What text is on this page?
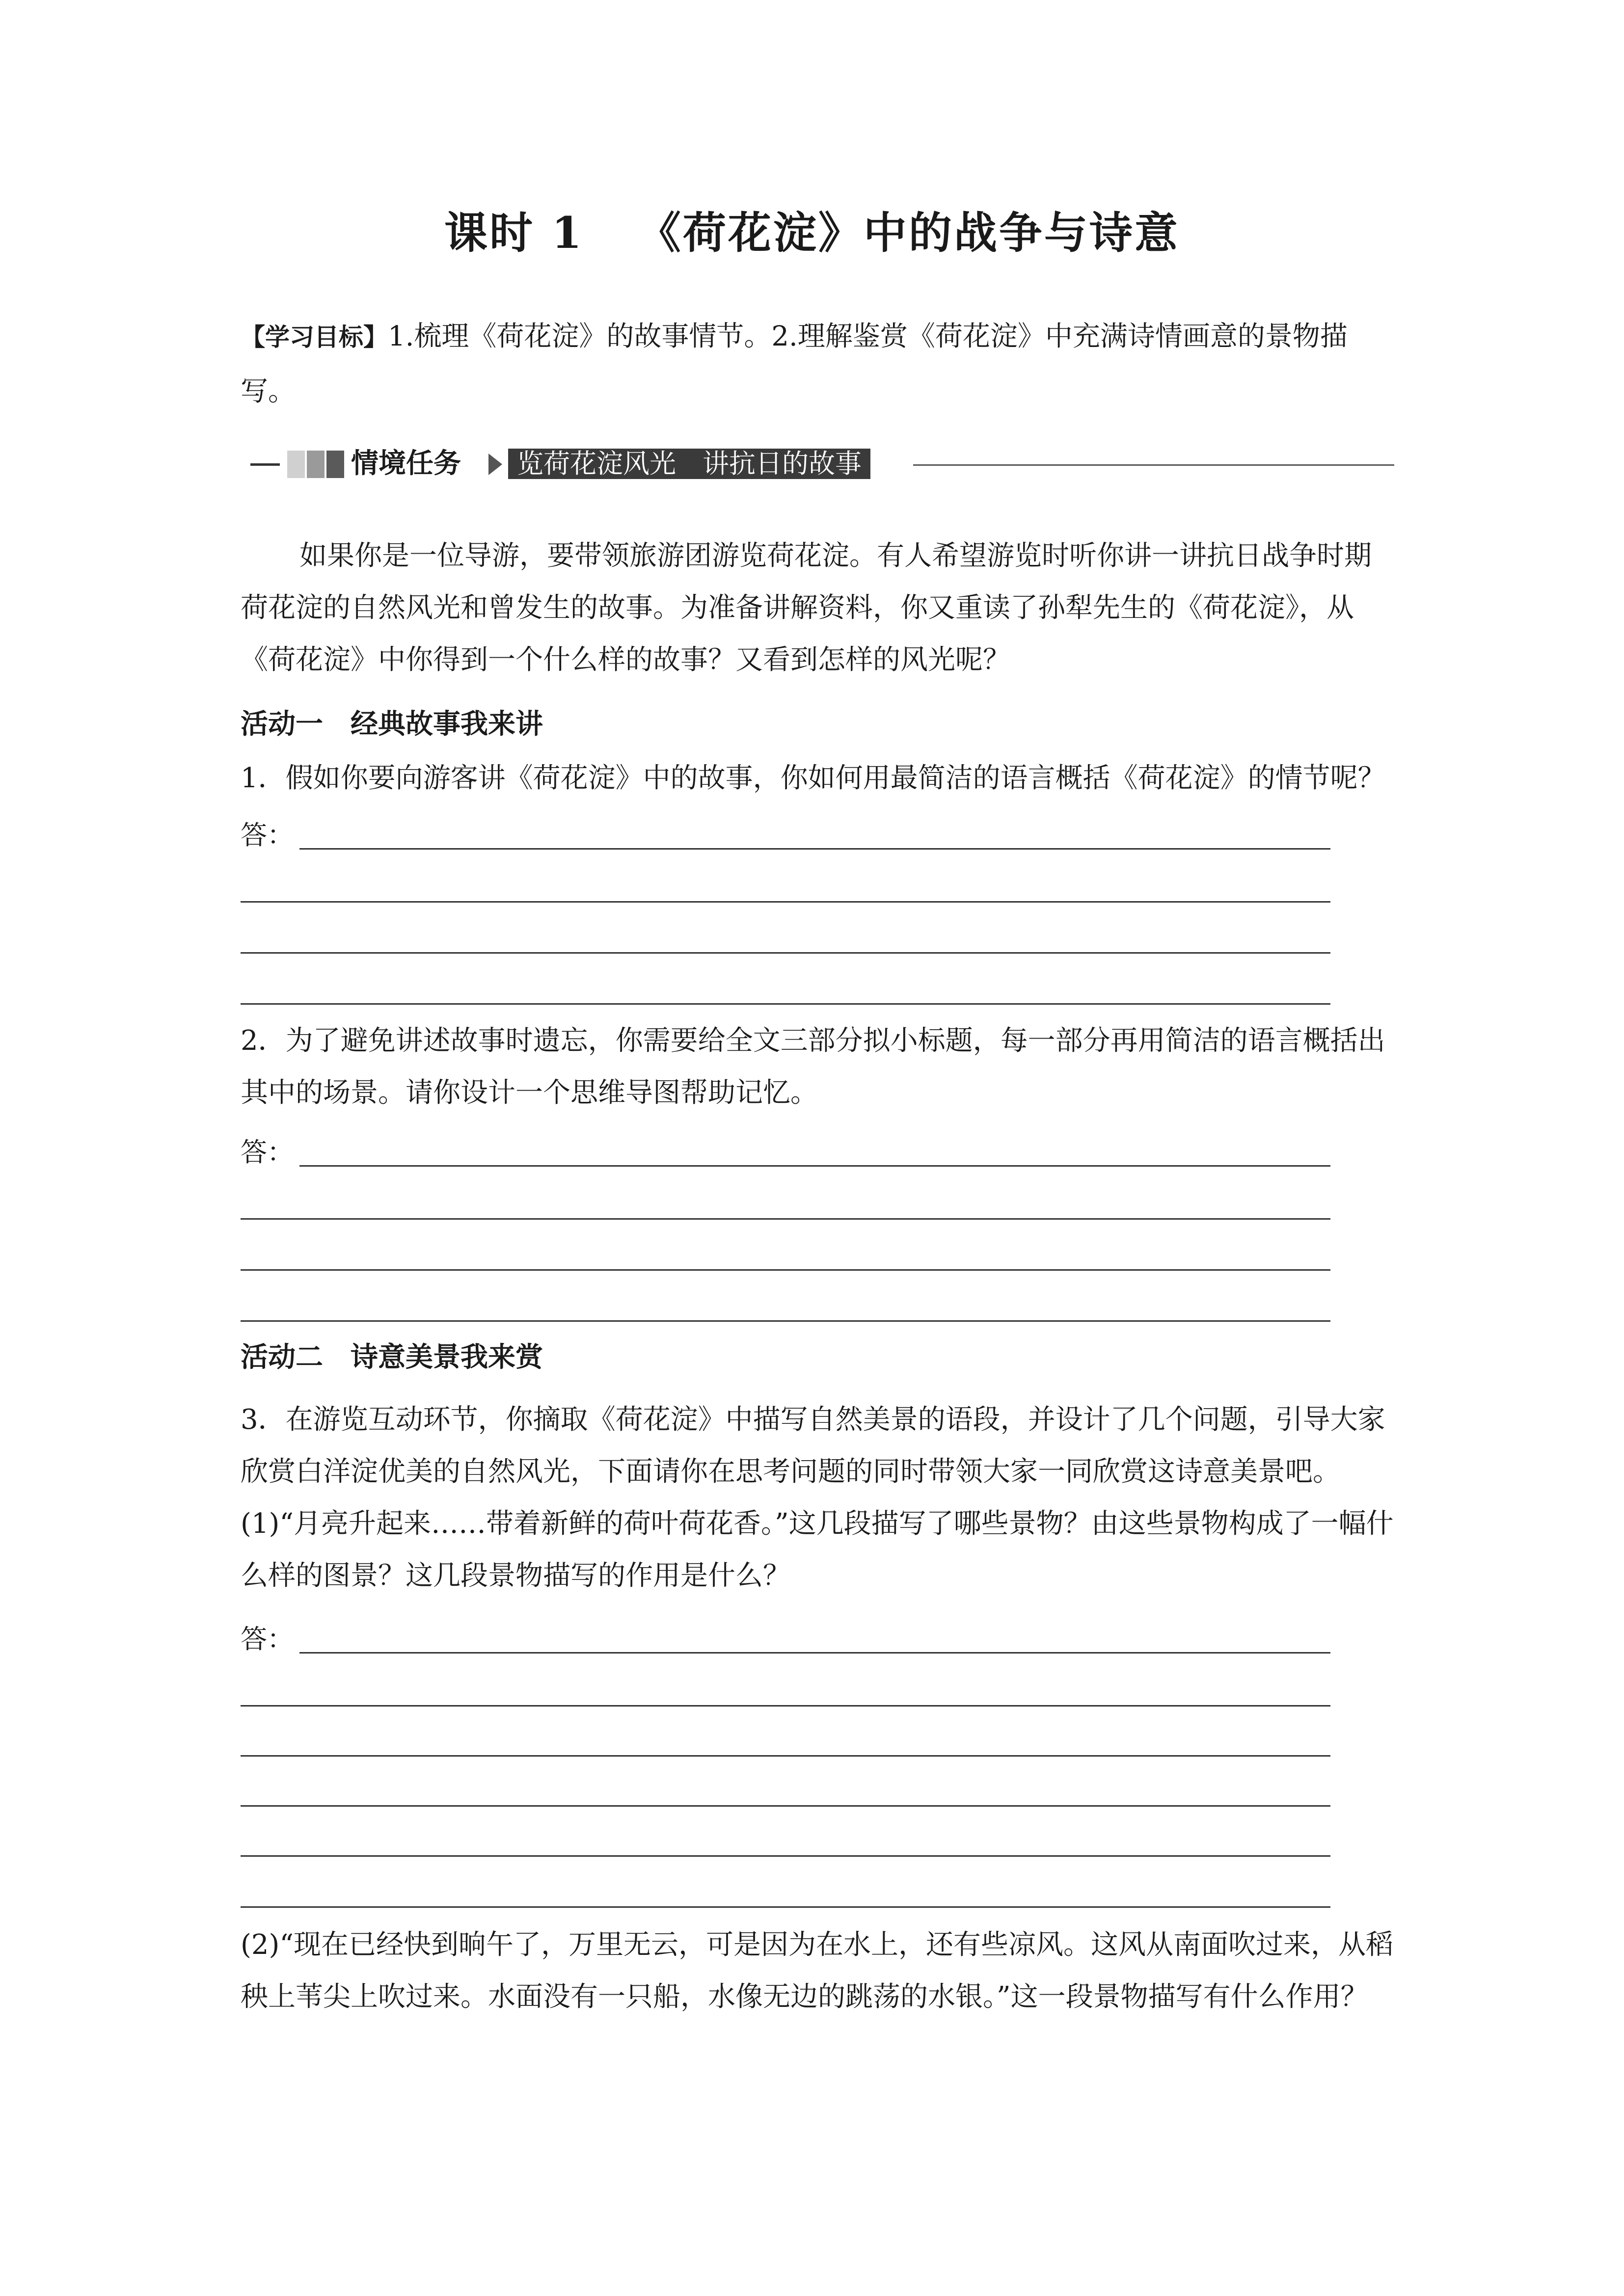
课时 1 《荷花淀》中的战争与诗意
【学习目标】1.梳理《荷花淀》的故事情节。2.理解鉴赏《荷花淀》中充满诗情画意的景物描
写。
情境任务	览荷花淀风光　讲抗日的故事
如果你是一位导游，要带领旅游团游览荷花淀。有人希望游览时听你讲一讲抗日战争时期荷花淀的自然风光和曾发生的故事。为准备讲解资料，你又重读了孙犁先生的《荷花淀》，从《荷花淀》中你得到一个什么样的故事？又看到怎样的风光呢？
活动一　经典故事我来讲
1．假如你要向游客讲《荷花淀》中的故事，你如何用最简洁的语言概括《荷花淀》的情节呢？
答：
2．为了避免讲述故事时遗忘，你需要给全文三部分拟小标题，每一部分再用简洁的语言概括出其中的场景。请你设计一个思维导图帮助记忆。
答：
活动二　诗意美景我来赏
3．在游览互动环节，你摘取《荷花淀》中描写自然美景的语段，并设计了几个问题，引导大家欣赏白洋淀优美的自然风光，下面请你在思考问题的同时带领大家一同欣赏这诗意美景吧。
(1)“月亮升起来……带着新鲜的荷叶荷花香。”这几段描写了哪些景物？由这些景物构成了一幅什么样的图景？这几段景物描写的作用是什么？
答：
(2)“现在已经快到晌午了，万里无云，可是因为在水上，还有些凉风。这风从南面吹过来，从稻秧上苇尖上吹过来。水面没有一只船，水像无边的跳荡的水银。”这一段景物描写有什么作用？
